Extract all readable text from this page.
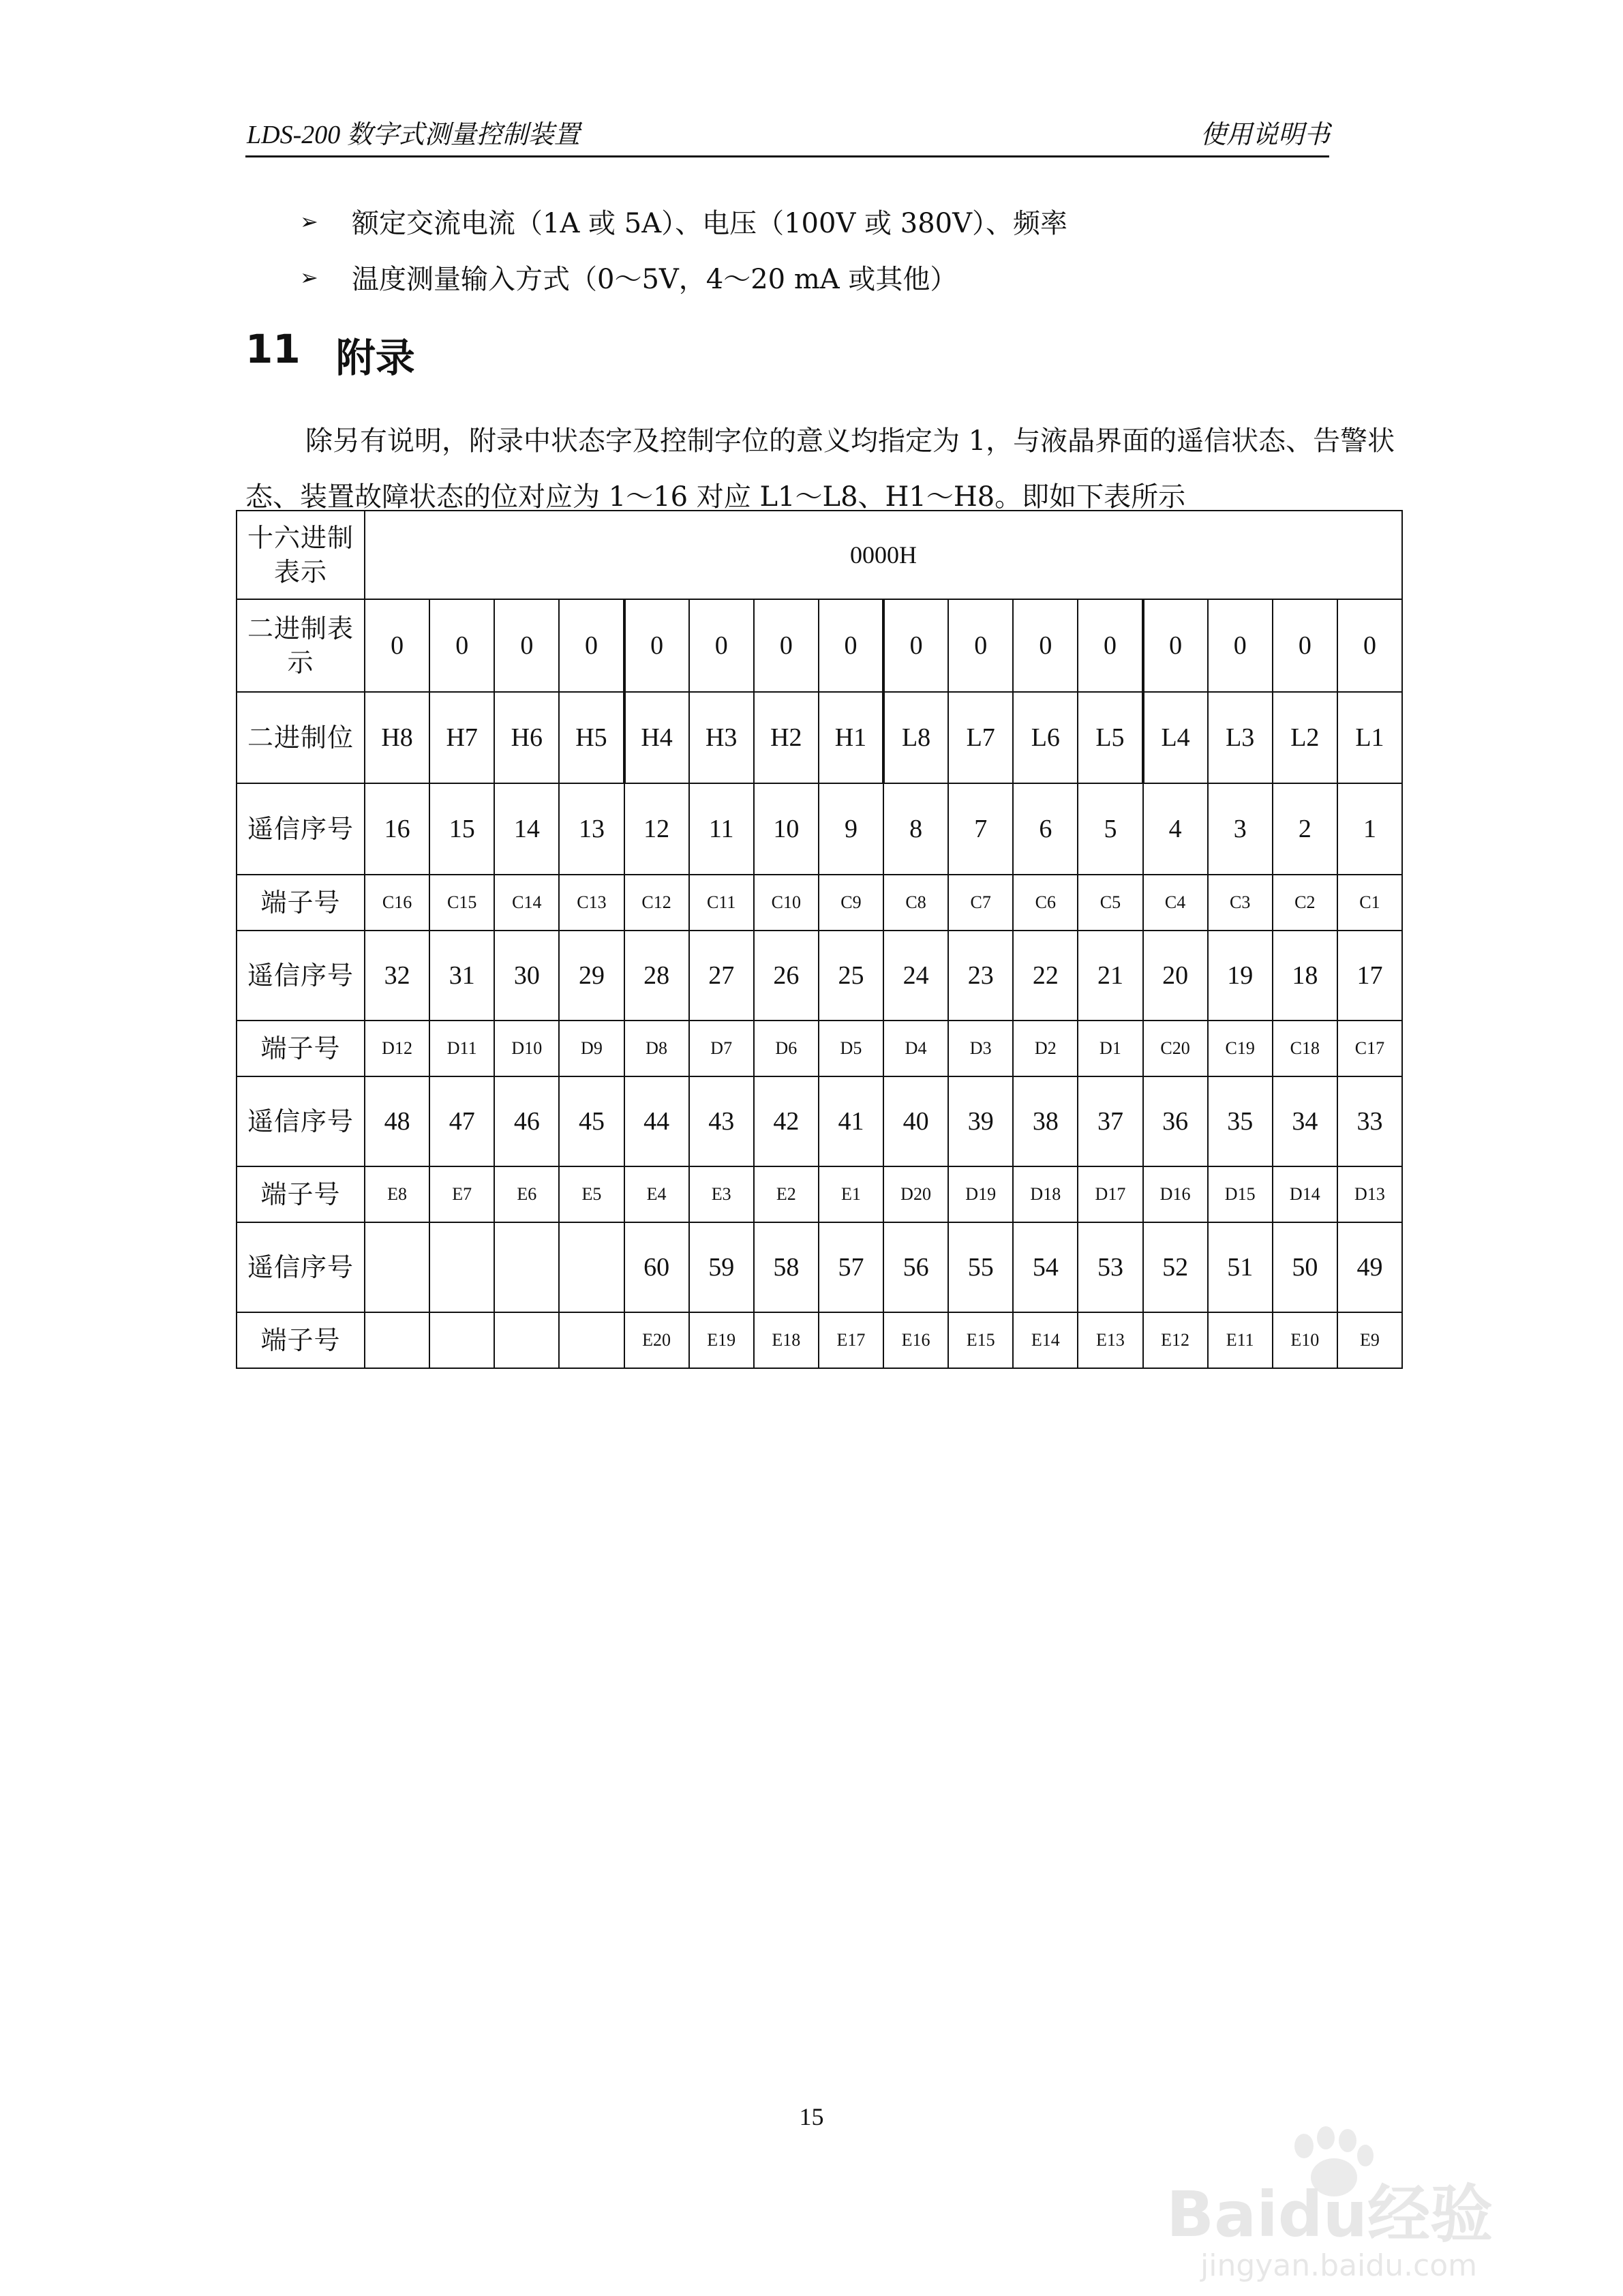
LDS-200 数字式测量控制装置	使用说明书
➢	额定交流电流（1A 或 5A）、电压（100V 或 380V）、频率
➢	温度测量输入方式（0～5V，4～20 mA 或其他）
11 附录
除另有说明，附录中状态字及控制字位的意义均指定为 1，与液晶界面的遥信状态、告警状态、装置故障状态的位对应为 1～16 对应 L1～L8、H1～H8。即如下表所示
十六进制表示	0000H															
二进制表示	0	0	0	0	0	0	0	0	0	0	0	0	0	0	0	0
二进制位	H8	H7	H6	H5	H4	H3	H2	H1	L8	L7	L6	L5	L4	L3	L2	L1
遥信序号	16	15	14	13	12	11	10	9	8	7	6	5	4	3	2	1
端子号	C16	C15	C14	C13	C12	C11	C10	C9	C8	C7	C6	C5	C4	C3	C2	C1
遥信序号	32	31	30	29	28	27	26	25	24	23	22	21	20	19	18	17
端子号	D12	D11	D10	D9	D8	D7	D6	D5	D4	D3	D2	D1	C20	C19	C18	C17
遥信序号	48	47	46	45	44	43	42	41	40	39	38	37	36	35	34	33
端子号	E8	E7	E6	E5	E4	E3	E2	E1	D20	D19	D18	D17	D16	D15	D14	D13
遥信序号					60	59	58	57	56	55	54	53	52	51	50	49
端子号					E20	E19	E18	E17	E16	E15	E14	E13	E12	E11	E10	E9
15
Baidu经验
jingyan.baidu.com
